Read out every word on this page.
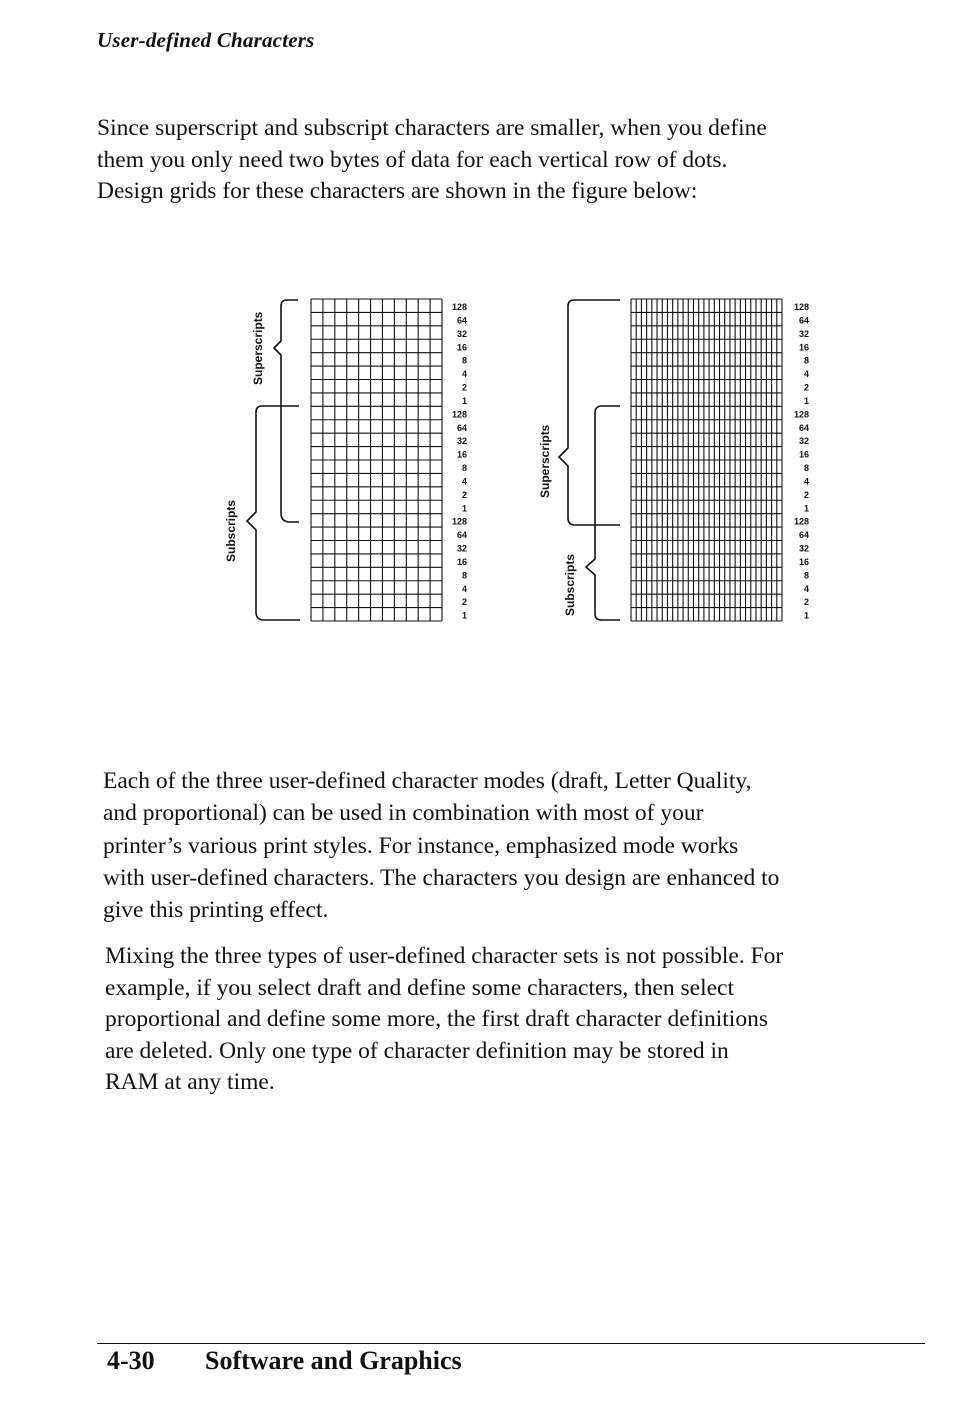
User-defined Characters

Since superscript and subscript characters are smaller, when you define
them you only need two bytes of data for each vertical row of dots.
Design grids for these characters are shown in the figure below:

128
64
32
16
8
4
2
1
128
64
32
16
8
4
2
1
128
64
32
16
8
4
2
1
128
64
32
16
8
4
2
1
128
64
32
16
8
4
2
1
128
64
32
16
8
4
2
1
Superscripts
Subscripts
Superscripts
Subscripts

Each of the three user-defined character modes (draft, Letter Quality,
and proportional) can be used in combination with most of your
printer’s various print styles. For instance, emphasized mode works
with user-defined characters. The characters you design are enhanced to
give this printing effect.

Mixing the three types of user-defined character sets is not possible. For
example, if you select draft and define some characters, then select
proportional and define some more, the first draft character definitions
are deleted. Only one type of character definition may be stored in
RAM at any time.

4-30 Software and Graphics
